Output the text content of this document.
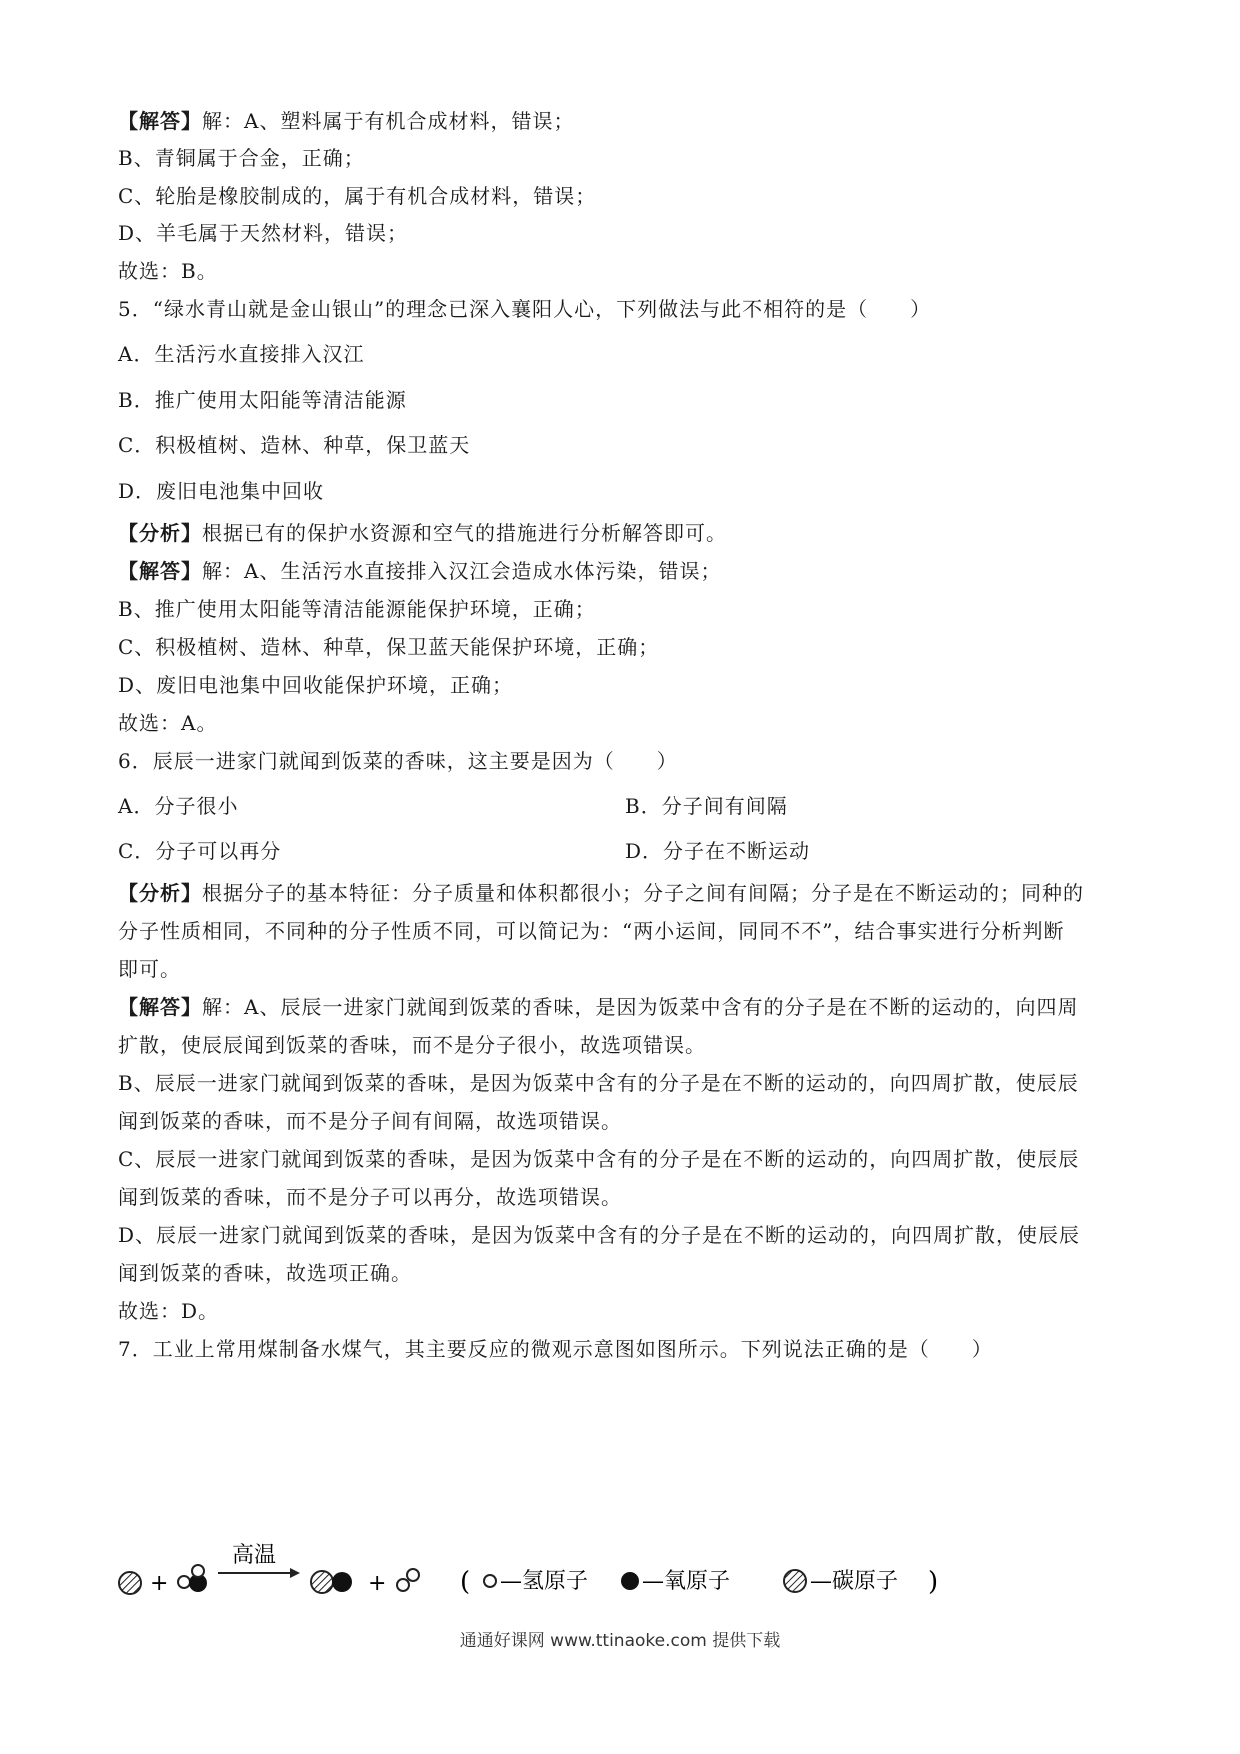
【解答】解：A、塑料属于有机合成材料，错误；
B、青铜属于合金，正确；
C、轮胎是橡胶制成的，属于有机合成材料，错误；
D、羊毛属于天然材料，错误；
故选：B。
5．“绿水青山就是金山银山”的理念已深入襄阳人心，下列做法与此不相符的是（　　）
A．生活污水直接排入汉江
B．推广使用太阳能等清洁能源
C．积极植树、造林、种草，保卫蓝天
D．废旧电池集中回收
【分析】根据已有的保护水资源和空气的措施进行分析解答即可。
【解答】解：A、生活污水直接排入汉江会造成水体污染，错误；
B、推广使用太阳能等清洁能源能保护环境，正确；
C、积极植树、造林、种草，保卫蓝天能保护环境，正确；
D、废旧电池集中回收能保护环境，正确；
故选：A。
6．辰辰一进家门就闻到饭菜的香味，这主要是因为（　　）
A．分子很小	B．分子间有间隔
C．分子可以再分	D．分子在不断运动
【分析】根据分子的基本特征：分子质量和体积都很小；分子之间有间隔；分子是在不断运动的；同种的
分子性质相同，不同种的分子性质不同，可以简记为：“两小运间，同同不不”，结合事实进行分析判断
即可。
【解答】解：A、辰辰一进家门就闻到饭菜的香味，是因为饭菜中含有的分子是在不断的运动的，向四周
扩散，使辰辰闻到饭菜的香味，而不是分子很小，故选项错误。
B、辰辰一进家门就闻到饭菜的香味，是因为饭菜中含有的分子是在不断的运动的，向四周扩散，使辰辰
闻到饭菜的香味，而不是分子间有间隔，故选项错误。
C、辰辰一进家门就闻到饭菜的香味，是因为饭菜中含有的分子是在不断的运动的，向四周扩散，使辰辰
闻到饭菜的香味，而不是分子可以再分，故选项错误。
D、辰辰一进家门就闻到饭菜的香味，是因为饭菜中含有的分子是在不断的运动的，向四周扩散，使辰辰
闻到饭菜的香味，故选项正确。
故选：D。
7．工业上常用煤制备水煤气，其主要反应的微观示意图如图所示。下列说法正确的是（　　）
+
高温
+	( —氢原子 —氧原子	—碳原子 )
通通好课网 www.ttinaoke.com 提供下载
